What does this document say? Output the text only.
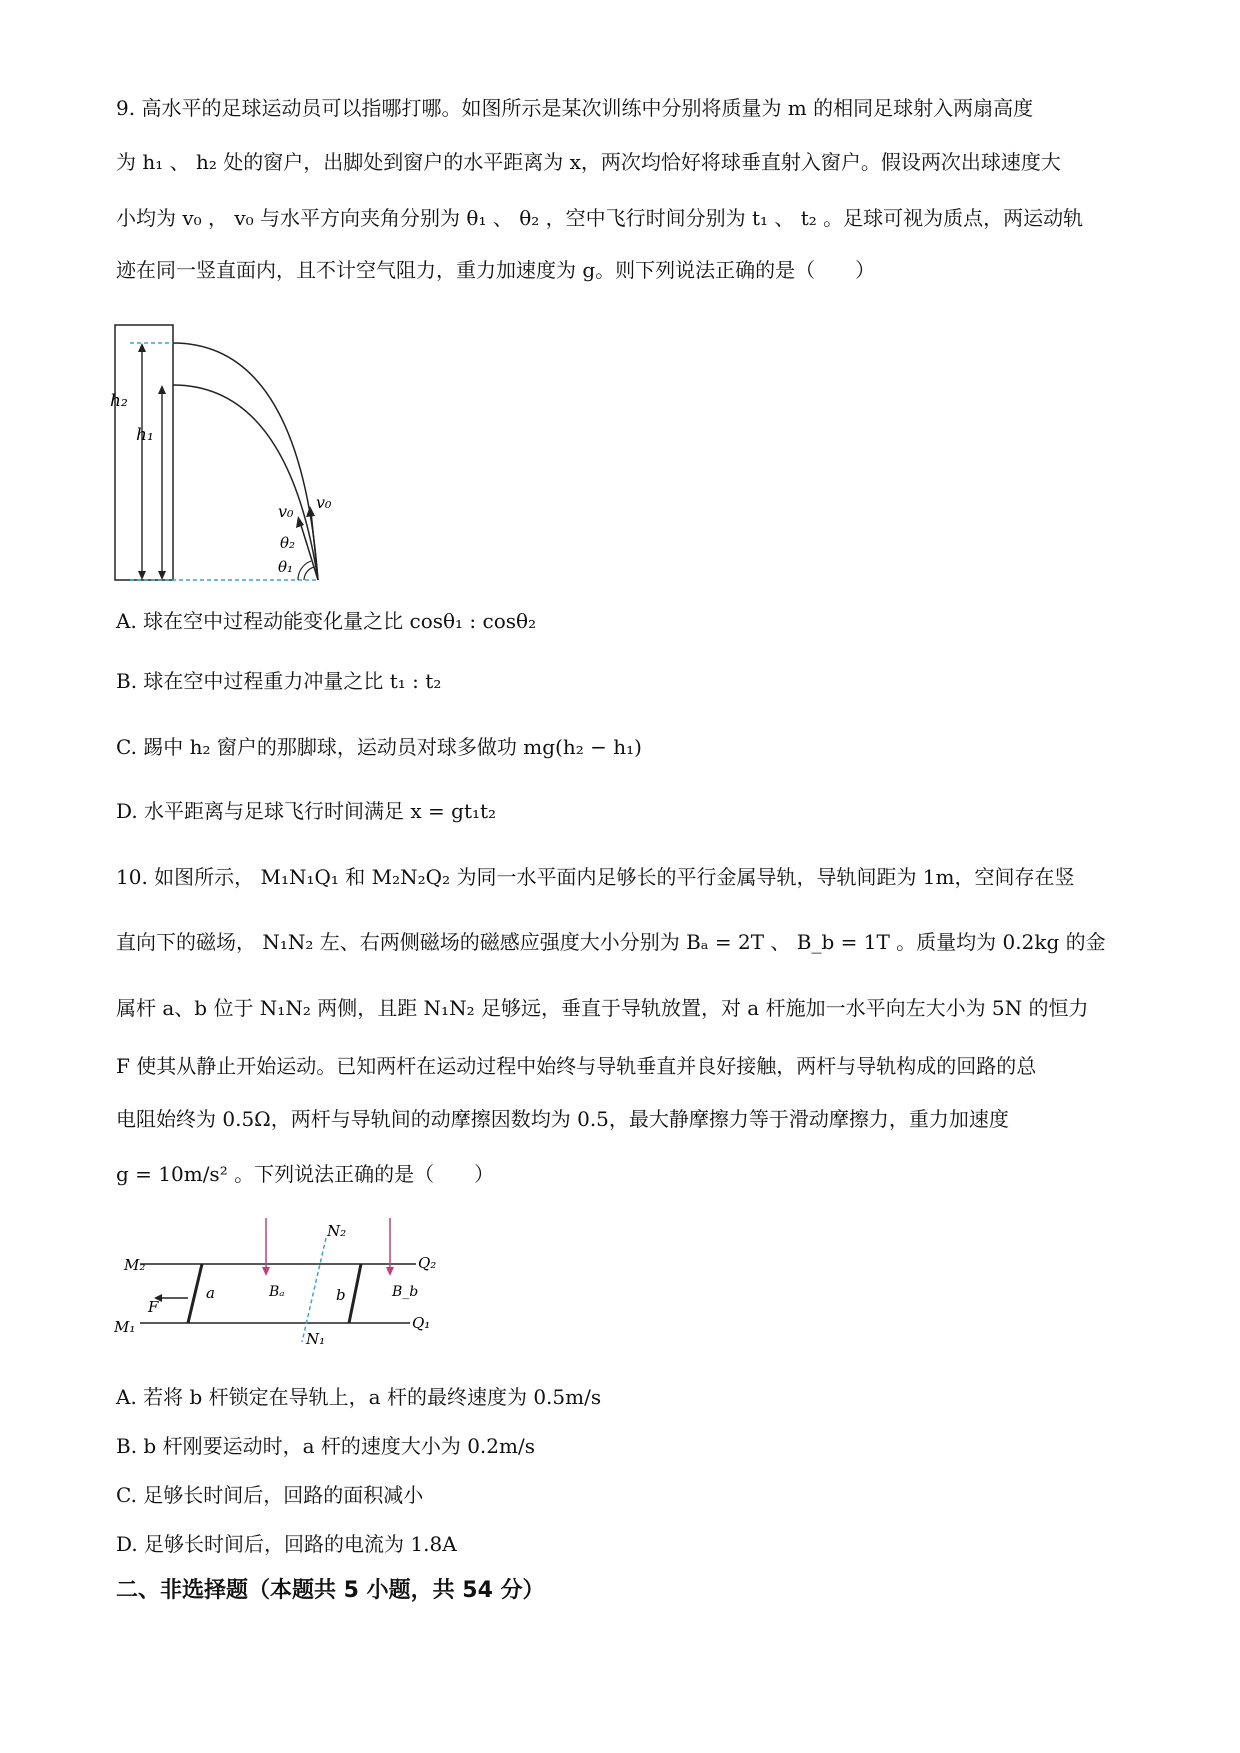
9. 高水平的足球运动员可以指哪打哪。如图所示是某次训练中分别将质量为 m 的相同足球射入两扇高度
为 h₁ 、 h₂ 处的窗户，出脚处到窗户的水平距离为 x，两次均恰好将球垂直射入窗户。假设两次出球速度大
小均为 v₀ ， v₀ 与水平方向夹角分别为 θ₁ 、 θ₂ ，空中飞行时间分别为 t₁ 、 t₂ 。足球可视为质点，两运动轨
迹在同一竖直面内，且不计空气阻力，重力加速度为 g。则下列说法正确的是（　　）
h₂
h₁
v₀ v₀
θ₂
θ₁
A. 球在空中过程动能变化量之比 cosθ₁ : cosθ₂
B. 球在空中过程重力冲量之比 t₁ : t₂
C. 踢中 h₂ 窗户的那脚球，运动员对球多做功 mg(h₂ − h₁)
D. 水平距离与足球飞行时间满足 x = gt₁t₂
10. 如图所示， M₁N₁Q₁ 和 M₂N₂Q₂ 为同一水平面内足够长的平行金属导轨，导轨间距为 1m，空间存在竖
直向下的磁场， N₁N₂ 左、右两侧磁场的磁感应强度大小分别为 Bₐ = 2T 、 B_b = 1T 。质量均为 0.2kg 的金
属杆 a、b 位于 N₁N₂ 两侧，且距 N₁N₂ 足够远，垂直于导轨放置，对 a 杆施加一水平向左大小为 5N 的恒力
F 使其从静止开始运动。已知两杆在运动过程中始终与导轨垂直并良好接触，两杆与导轨构成的回路的总
电阻始终为 0.5Ω，两杆与导轨间的动摩擦因数均为 0.5，最大静摩擦力等于滑动摩擦力，重力加速度
g = 10m/s² 。下列说法正确的是（　　）
M₂
M₁
Q₂
Q₁
N₂
N₁
F
a	b
Bₐ	B_b
A. 若将 b 杆锁定在导轨上，a 杆的最终速度为 0.5m/s
B. b 杆刚要运动时，a 杆的速度大小为 0.2m/s
C. 足够长时间后，回路的面积减小
D. 足够长时间后，回路的电流为 1.8A
二、非选择题（本题共 5 小题，共 54 分）
